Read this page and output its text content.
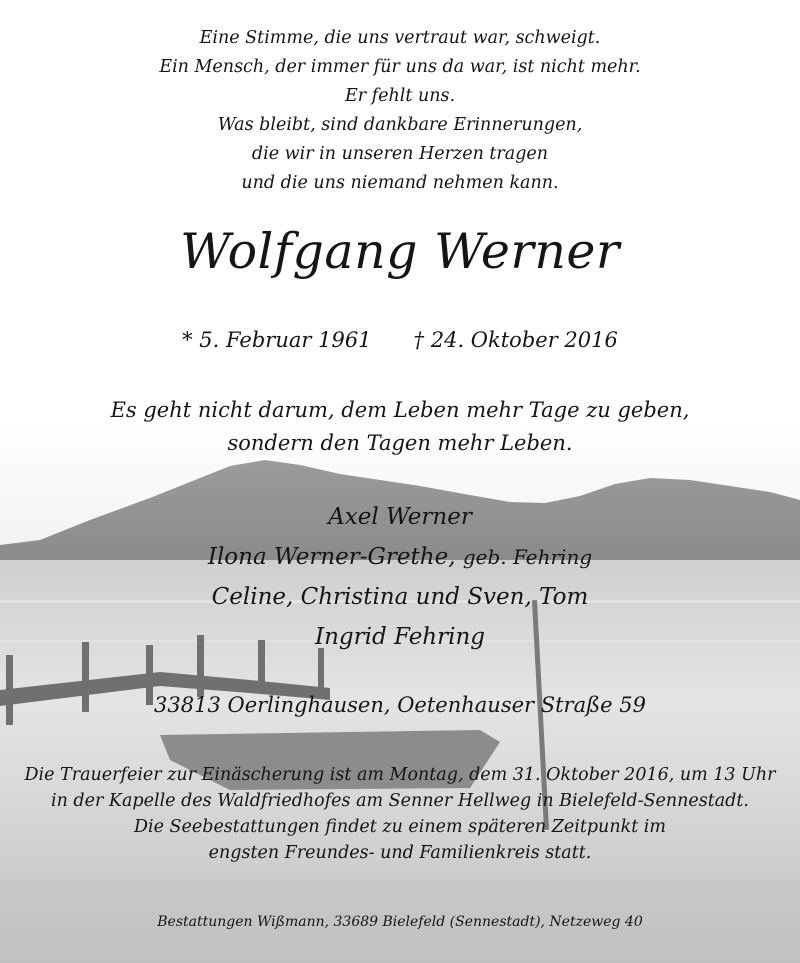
Eine Stimme, die uns vertraut war, schweigt.
Ein Mensch, der immer für uns da war, ist nicht mehr.
Er fehlt uns.
Was bleibt, sind dankbare Erinnerungen,
die wir in unseren Herzen tragen
und die uns niemand nehmen kann.
Wolfgang Werner
* 5. Februar 1961 † 24. Oktober 2016
Es geht nicht darum, dem Leben mehr Tage zu geben,
sondern den Tagen mehr Leben.
Axel Werner
Ilona Werner-Grethe, geb. Fehring
Celine, Christina und Sven, Tom
Ingrid Fehring
33813 Oerlinghausen, Oetenhauser Straße 59
Die Trauerfeier zur Einäscherung ist am Montag, dem 31. Oktober 2016, um 13 Uhr
in der Kapelle des Waldfriedhofes am Senner Hellweg in Bielefeld-Sennestadt.
Die Seebestattungen findet zu einem späteren Zeitpunkt im
engsten Freundes- und Familienkreis statt.
Bestattungen Wißmann, 33689 Bielefeld (Sennestadt), Netzeweg 40
